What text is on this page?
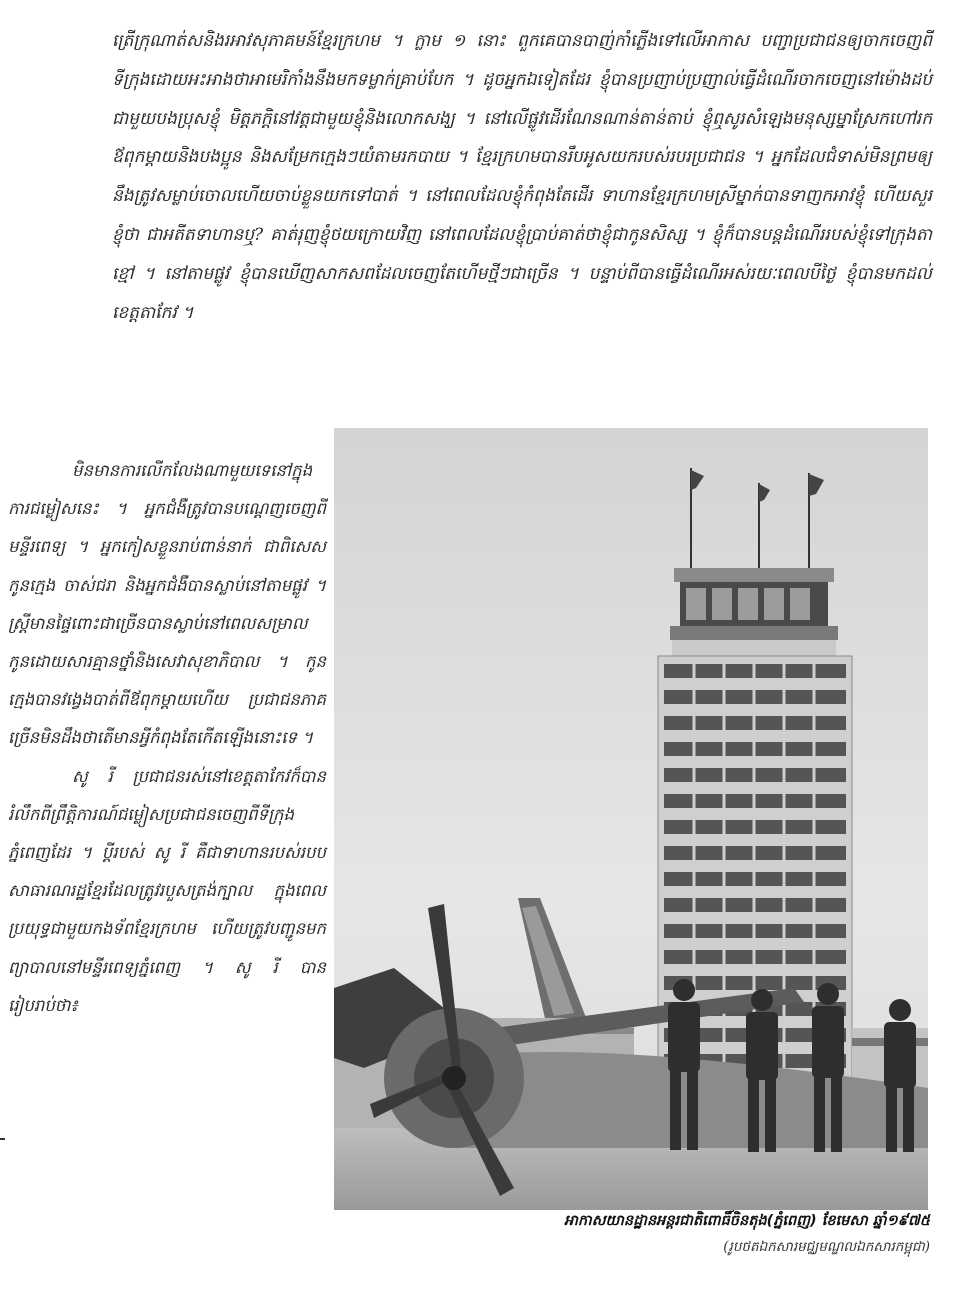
ត្រើក្រុណាត់សនិងរអាវសុភាគមន៍ខ្មែរក្រហម ។ ក្លាម ១ នោះ ពួកគេបានបាញ់កាំភ្លើងទៅលើអាកាស បញ្ជាប្រជាជនឲ្យចាកចេញពីទីក្រុងដោយអះអាងថាអាមេរិកាំងនឹងមកទម្លាក់គ្រាប់បែក ។ ដូចអ្នកឯទៀតដែរ ខ្ញុំបានប្រញាប់ប្រញាល់ធ្វើដំណើរចាកចេញនៅម៉ោងដប់ជាមួយបងប្រុសខ្ញុំ មិត្តភក្តិនៅវត្តជាមួយខ្ញុំនិងលោកសង្ឃ ។ នៅលើផ្លូវដើរណែនណាន់តាន់តាប់ ខ្ញុំឮសូរសំឡេងមនុស្សម្នាស្រែកហៅរកឪពុកម្តាយនិងបងប្អូន និងសម្រែកក្មេងៗយំតាមរកបាយ ។ ខ្មែរក្រហមបានរឹបអូសយករបស់របរប្រជាជន ។ អ្នកដែលជំទាស់មិនព្រមឲ្យ នឹងត្រូវសម្លាប់ចោលហើយចាប់ខ្លួនយកទៅបាត់ ។ នៅពេលដែលខ្ញុំកំពុងតែដើរ ទាហានខ្មែរក្រហមស្រីម្នាក់បានទាញកអាវខ្ញុំ ហើយសួរខ្ញុំថា ជាអតីតទាហានឬ? គាត់រុញខ្ញុំថយក្រោយវិញ នៅពេលដែលខ្ញុំប្រាប់គាត់ថាខ្ញុំជាកូនសិស្ស ។ ខ្ញុំក៏បានបន្តដំណើររបស់ខ្ញុំទៅក្រុងតាខ្មៅ ។ នៅតាមផ្លូវ ខ្ញុំបានឃើញសាកសពដែលចេញតែហើមថ្មីៗជាច្រើន ។ បន្ទាប់ពីបានធ្វើដំណើរអស់រយៈពេលបីថ្ងៃ ខ្ញុំបានមកដល់ខេត្តតាកែវ ។

មិនមានការលើកលែងណាមួយទេនៅក្នុងការជម្លៀសនេះ ។ អ្នកជំងឺត្រូវបានបណ្តេញចេញពីមន្ទីរពេទ្យ ។ អ្នកកៀសខ្លួនរាប់ពាន់នាក់ ជាពិសេសកូនក្មេង ចាស់ជរា និងអ្នកជំងឺបានស្លាប់នៅតាមផ្លូវ ។ ស្ត្រីមានផ្ទៃពោះជាច្រើនបានស្លាប់នៅពេលសម្រាលកូនដោយសារគ្មានថ្នាំនិងសេវាសុខាភិបាល ។ កូនក្មេងបានវង្វេងបាត់ពីឪពុកម្តាយហើយ ប្រជាជនភាគច្រើនមិនដឹងថាតើមានអ្វីកំពុងតែកើតឡើងនោះទេ ។

សូ រី ប្រជាជនរស់នៅខេត្តតាកែវក៏បានរំលឹកពីព្រឹត្តិការណ៍ជម្លៀសប្រជាជនចេញពីទីក្រុងភ្នំពេញដែរ ។ ប្តីរបស់ សូ រី គឺជាទាហានរបស់របបសាធារណរដ្ឋខ្មែរដែលត្រូវរបួសត្រង់ក្បាល ក្នុងពេលប្រយុទ្ធជាមួយកងទ័ពខ្មែរក្រហម ហើយត្រូវបញ្ជូនមកព្យាបាលនៅមន្ទីរពេទ្យភ្នំពេញ ។ សូ រី បានរៀបរាប់ថា៖

អាកាសយានដ្ឋានអន្តរជាតិពោធិ៍ចិនតុង(ភ្នំពេញ) ខែមេសា ឆ្នាំ១៩៧៥
(រូបថតឯកសារមជ្ឈមណ្ឌលឯកសារកម្ពុជា)
